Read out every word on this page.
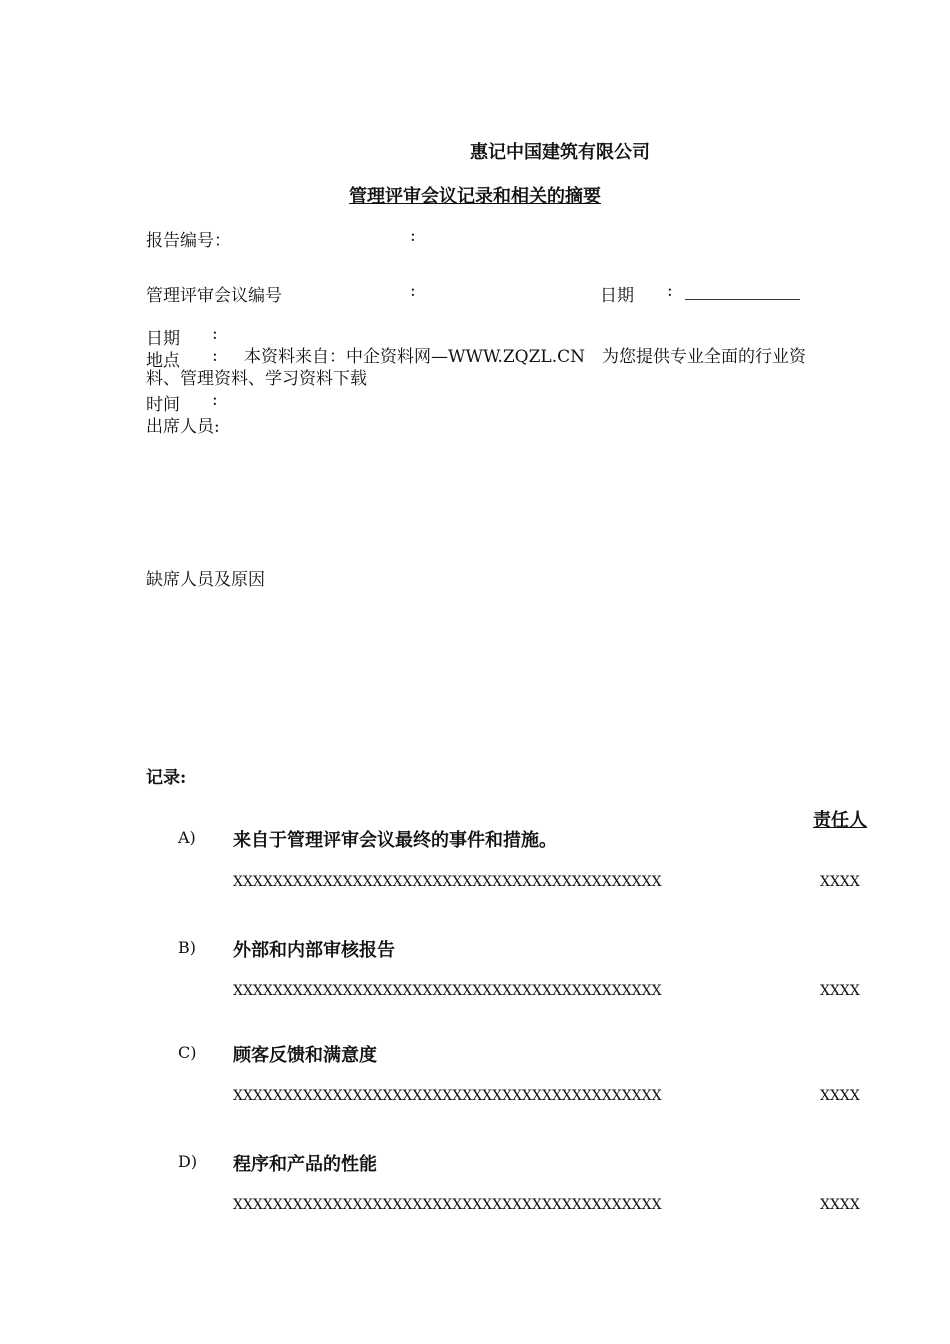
惠记中国建筑有限公司
管理评审会议记录和相关的摘要
报告编号：	:
管理评审会议编号	:	日期 :
日期 :
地点 :	本资料来自：中企资料网—WWW.ZQZL.CN　为您提供专业全面的行业资料、管理资料、学习资料下载
时间 :
出席人员:
缺席人员及原因
记录:
责任人
A) 来自于管理评审会议最终的事件和措施。
XXXXXXXXXXXXXXXXXXXXXXXXXXXXXXXXXXXXXXXXXXX	XXXX
B) 外部和内部审核报告
XXXXXXXXXXXXXXXXXXXXXXXXXXXXXXXXXXXXXXXXXXX	XXXX
C) 顾客反馈和满意度
XXXXXXXXXXXXXXXXXXXXXXXXXXXXXXXXXXXXXXXXXXX	XXXX
D) 程序和产品的性能
XXXXXXXXXXXXXXXXXXXXXXXXXXXXXXXXXXXXXXXXXXX	XXXX
